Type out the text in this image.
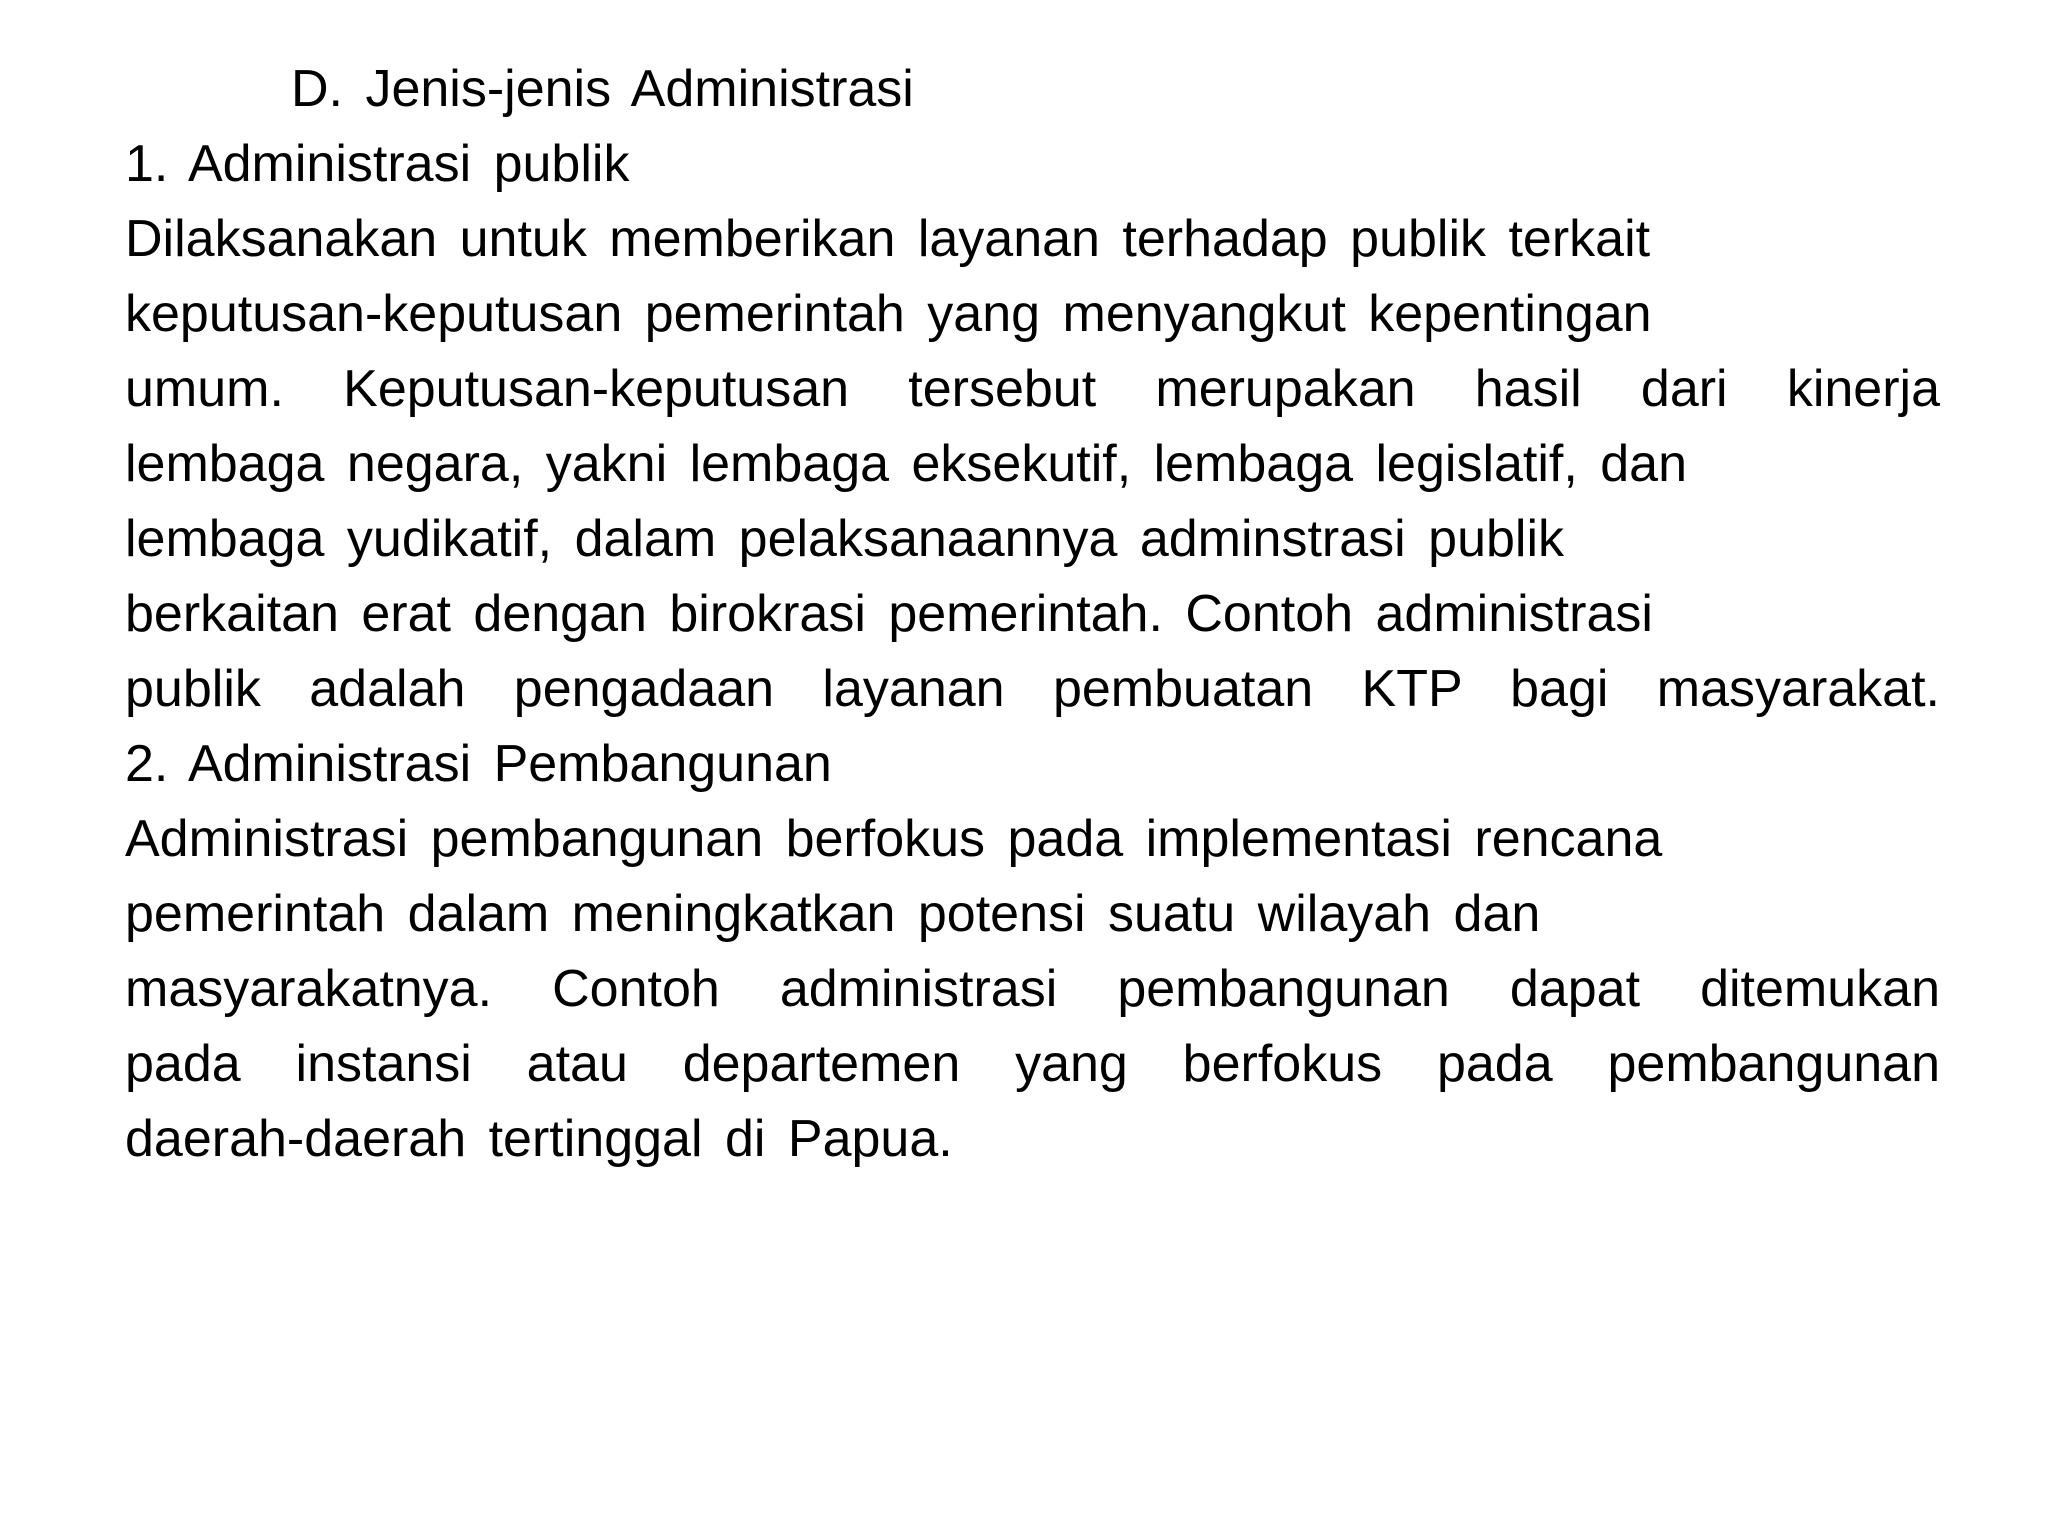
D. Jenis-jenis Administrasi
1. Administrasi publik
Dilaksanakan untuk memberikan layanan terhadap publik terkait
keputusan-keputusan pemerintah yang menyangkut kepentingan
umum. Keputusan-keputusan tersebut merupakan hasil dari kinerja
lembaga negara, yakni lembaga eksekutif, lembaga legislatif, dan
lembaga yudikatif, dalam pelaksanaannya adminstrasi publik
berkaitan erat dengan birokrasi pemerintah. Contoh administrasi
publik adalah pengadaan layanan pembuatan KTP bagi masyarakat.
2. Administrasi Pembangunan
Administrasi pembangunan berfokus pada implementasi rencana
pemerintah dalam meningkatkan potensi suatu wilayah dan
masyarakatnya. Contoh administrasi pembangunan dapat ditemukan
pada instansi atau departemen yang berfokus pada pembangunan
daerah-daerah tertinggal di Papua.
